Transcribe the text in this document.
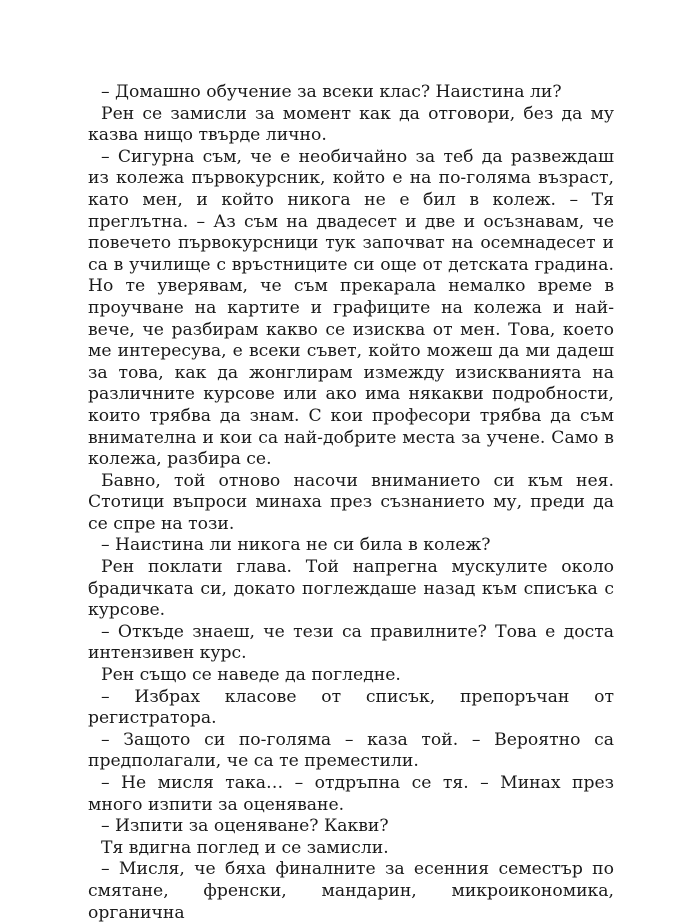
– Домашно обучение за всеки клас? Наистина ли?

Рен се замисли за момент как да отговори, без да му казва нищо твърде лично.

– Сигурна съм, че е необичайно за теб да развеждаш из колежа първокурсник, който е на по-голяма възраст, като мен, и който никога не е бил в колеж. – Тя преглътна. – Аз съм на двадесет и две и осъзнавам, че повечето първокурсници тук започват на осемнадесет и са в училище с връстниците си още от детската градина. Но те уверявам, че съм прекарала немалко време в проучване на картите и графиците на колежа и най-вече, че разбирам какво се изисква от мен. Това, което ме интересува, е всеки съвет, който можеш да ми дадеш за това, как да жонглирам измежду изискванията на различните курсове или ако има някакви подробности, които трябва да знам. С кои професори трябва да съм внимателна и кои са най-добрите места за учене. Само в колежа, разбира се.

Бавно, той отново насочи вниманието си към нея. Стотици въпроси минаха през съзнанието му, преди да се спре на този.

– Наистина ли никога не си била в колеж?

Рен поклати глава. Той напрегна мускулите около брадичката си, докато поглеждаше назад към списъка с курсове.

– Откъде знаеш, че тези са правилните? Това е доста интензивен курс.

Рен също се наведе да погледне.

– Избрах класове от списък, препоръчан от регистратора.

– Защото си по-голяма – каза той. – Вероятно са предполагали, че са те преместили.

– Не мисля така… – отдръпна се тя. – Минах през много изпити за оценяване.

– Изпити за оценяване? Какви?

Тя вдигна поглед и се замисли.

– Мисля, че бяха финалните за есенния семестър по смятане, френски, мандарин, микроикономика, органична
